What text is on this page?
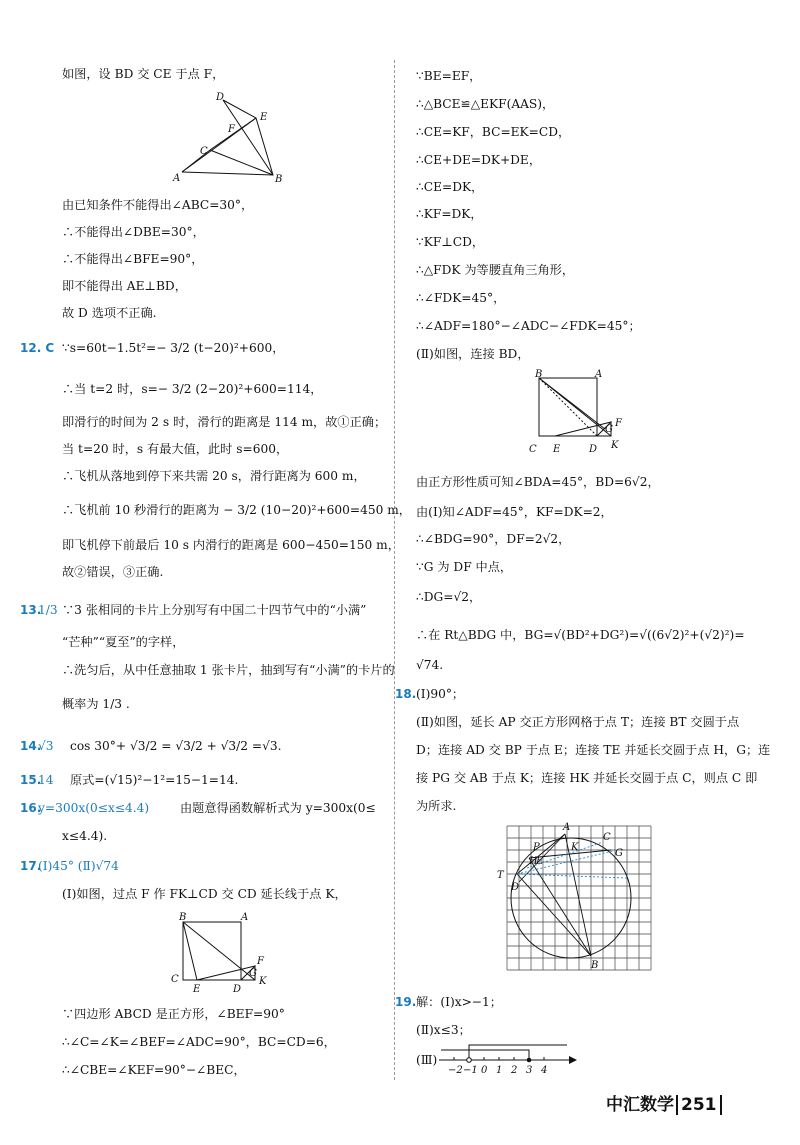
如图，设 BD 交 CE 于点 F，
D
E
F
C
A	B
由已知条件不能得出∠ABC=30°，
∴不能得出∠DBE=30°，
∴不能得出∠BFE=90°，
即不能得出 AE⊥BD，
故 D 选项不正确.
12. C ∵s=60t−1.5t²=− 3/2 (t−20)²+600，
∴当 t=2 时，s=− 3/2 (2−20)²+600=114，
即滑行的时间为 2 s 时，滑行的距离是 114 m，故①正确；
当 t=20 时，s 有最大值，此时 s=600，
∴飞机从落地到停下来共需 20 s，滑行距离为 600 m，
∴飞机前 10 秒滑行的距离为 − 3/2 (10−20)²+600=450 m，
即飞机停下前最后 10 s 内滑行的距离是 600−450=150 m，
故②错误，③正确.
13.
1/3 ∵3 张相同的卡片上分别写有中国二十四节气中的“小满”
“芒种”“夏至”的字样，
∴洗匀后，从中任意抽取 1 张卡片，抽到写有“小满”的卡片的
概率为 1/3 .
14.
√3 cos 30°+ √3/2 = √3/2 + √3/2 =√3.
15.
14 原式=(√15)²−1²=15−1=14.
16.
y=300x(0≤x≤4.4)	由题意得函数解析式为 y=300x(0≤
x≤4.4).
17.
(Ⅰ)45° (Ⅱ)√74
(Ⅰ)如图，过点 F 作 FK⊥CD 交 CD 延长线于点 K，
B	A
C
E	D
F
G
K
∵四边形 ABCD 是正方形，∠BEF=90°
∴∠C=∠K=∠BEF=∠ADC=90°，BC=CD=6，
∴∠CBE=∠KEF=90°−∠BEC，
∵BE=EF，
∴△BCE≌△EKF(AAS)，
∴CE=KF，BC=EK=CD，
∴CE+DE=DK+DE，
∴CE=DK，
∴KF=DK，
∵KF⊥CD，
∴△FDK 为等腰直角三角形，
∴∠FDK=45°，
∴∠ADF=180°−∠ADC−∠FDK=45°；
(Ⅱ)如图，连接 BD，
B	A
C E	D
F
G
K
由正方形性质可知∠BDA=45°，BD=6√2，
由(Ⅰ)知∠ADF=45°，KF=DK=2，
∴∠BDG=90°，DF=2√2，
∵G 为 DF 中点，
∴DG=√2，
∴在 Rt△BDG 中，BG=√(BD²+DG²)=√((6√2)²+(√2)²)=
√74.
18. (Ⅰ)90°；
(Ⅱ)如图，延长 AP 交正方形网格于点 T；连接 BT 交圆于点
D；连接 AD 交 BP 于点 E；连接 TE 并延长交圆于点 H，G；连
接 PG 交 AB 于点 K；连接 HK 并延长交圆于点 C，则点 C 即
为所求.
A
C
G
K
P
H
E
T
D
B
19. 解：(Ⅰ)x>−1；
(Ⅱ)x≤3；
(Ⅲ)
−2 −1 0 1 2 3 4
中汇数学 251
